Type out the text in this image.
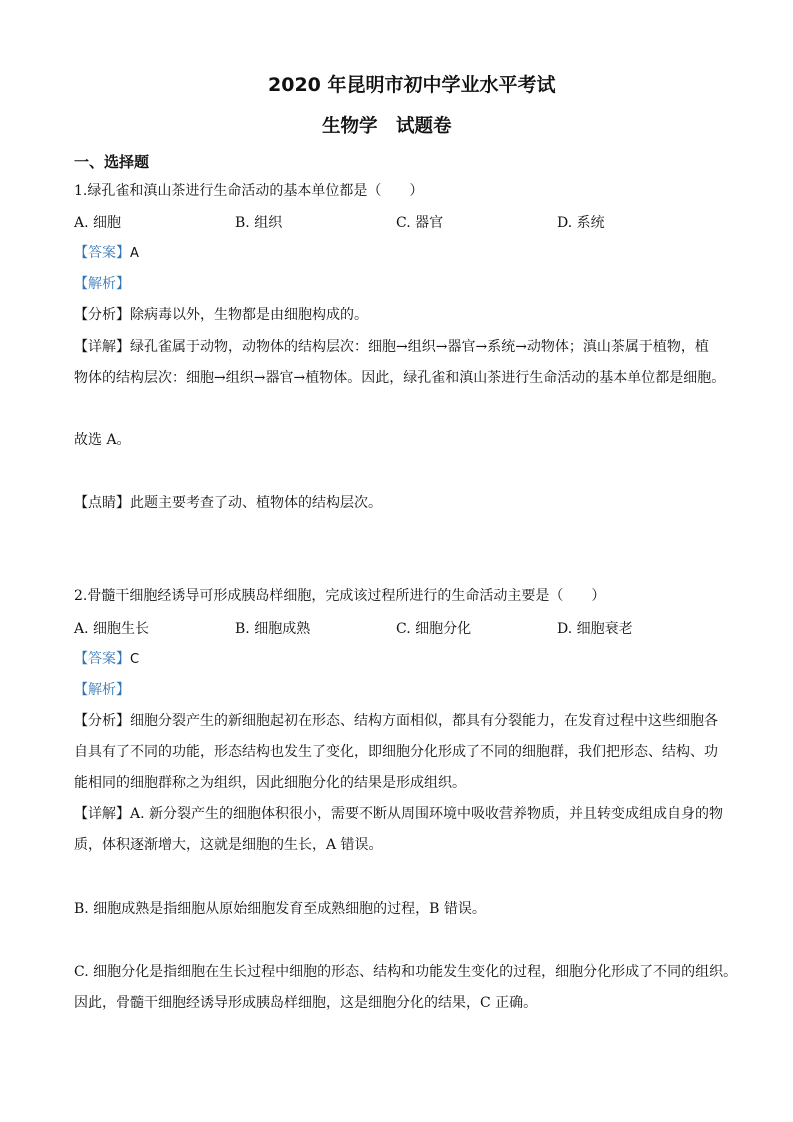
2020 年昆明市初中学业水平考试
生物学　试题卷
一、选择题
1.绿孔雀和滇山茶进行生命活动的基本单位都是（　　）
A. 细胞	B. 组织	C. 器官	D. 系统
【答案】A
【解析】
【分析】除病毒以外，生物都是由细胞构成的。
【详解】绿孔雀属于动物，动物体的结构层次：细胞→组织→器官→系统→动物体；滇山茶属于植物，植
物体的结构层次：细胞→组织→器官→植物体。因此，绿孔雀和滇山茶进行生命活动的基本单位都是细胞。
故选 A。
【点睛】此题主要考查了动、植物体的结构层次。
2.骨髓干细胞经诱导可形成胰岛样细胞，完成该过程所进行的生命活动主要是（　　）
A. 细胞生长	B. 细胞成熟	C. 细胞分化	D. 细胞衰老
【答案】C
【解析】
【分析】细胞分裂产生的新细胞起初在形态、结构方面相似，都具有分裂能力，在发育过程中这些细胞各
自具有了不同的功能，形态结构也发生了变化，即细胞分化形成了不同的细胞群，我们把形态、结构、功
能相同的细胞群称之为组织，因此细胞分化的结果是形成组织。
【详解】A. 新分裂产生的细胞体积很小，需要不断从周围环境中吸收营养物质，并且转变成组成自身的物
质，体积逐渐增大，这就是细胞的生长，A 错误。
B. 细胞成熟是指细胞从原始细胞发育至成熟细胞的过程，B 错误。
C. 细胞分化是指细胞在生长过程中细胞的形态、结构和功能发生变化的过程，细胞分化形成了不同的组织。
因此，骨髓干细胞经诱导形成胰岛样细胞，这是细胞分化的结果，C 正确。
